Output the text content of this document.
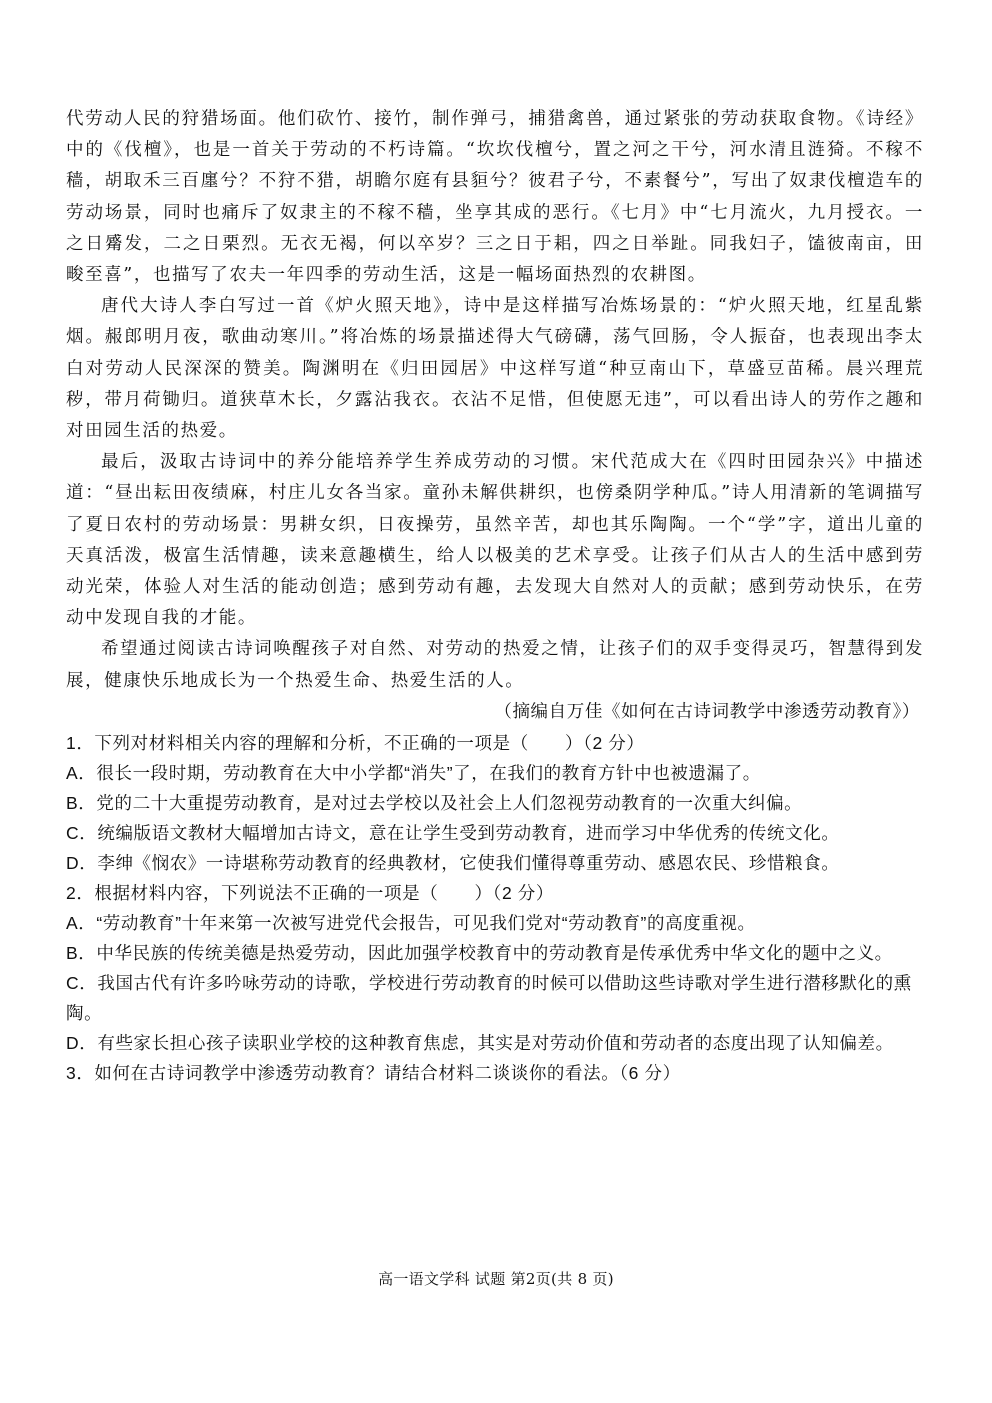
代劳动人民的狩猎场面。他们砍竹、接竹，制作弹弓，捕猎禽兽，通过紧张的劳动获取食物。《诗经》中的《伐檀》，也是一首关于劳动的不朽诗篇。“坎坎伐檀兮，置之河之干兮，河水清且涟猗。不稼不穑，胡取禾三百廛兮？不狩不猎，胡瞻尔庭有县貆兮？彼君子兮，不素餐兮”，写出了奴隶伐檀造车的劳动场景，同时也痛斥了奴隶主的不稼不穑，坐享其成的恶行。《七月》中“七月流火，九月授衣。一之日觱发，二之日栗烈。无衣无褐，何以卒岁？三之日于耜，四之日举趾。同我妇子，馌彼南亩，田畯至喜”，也描写了农夫一年四季的劳动生活，这是一幅场面热烈的农耕图。

唐代大诗人李白写过一首《炉火照天地》，诗中是这样描写冶炼场景的：“炉火照天地，红星乱紫烟。赧郎明月夜，歌曲动寒川。”将冶炼的场景描述得大气磅礴，荡气回肠，令人振奋，也表现出李太白对劳动人民深深的赞美。陶渊明在《归田园居》中这样写道“种豆南山下，草盛豆苗稀。晨兴理荒秽，带月荷锄归。道狭草木长，夕露沾我衣。衣沾不足惜，但使愿无违”，可以看出诗人的劳作之趣和对田园生活的热爱。

最后，汲取古诗词中的养分能培养学生养成劳动的习惯。宋代范成大在《四时田园杂兴》中描述道：“昼出耘田夜绩麻，村庄儿女各当家。童孙未解供耕织，也傍桑阴学种瓜。”诗人用清新的笔调描写了夏日农村的劳动场景：男耕女织，日夜操劳，虽然辛苦，却也其乐陶陶。一个“学”字，道出儿童的天真活泼，极富生活情趣，读来意趣横生，给人以极美的艺术享受。让孩子们从古人的生活中感到劳动光荣，体验人对生活的能动创造；感到劳动有趣，去发现大自然对人的贡献；感到劳动快乐，在劳动中发现自我的才能。

希望通过阅读古诗词唤醒孩子对自然、对劳动的热爱之情，让孩子们的双手变得灵巧，智慧得到发展，健康快乐地成长为一个热爱生命、热爱生活的人。

（摘编自万佳《如何在古诗词教学中渗透劳动教育》）

1．下列对材料相关内容的理解和分析，不正确的一项是（　　）（2 分）

A．很长一段时期，劳动教育在大中小学都“消失”了，在我们的教育方针中也被遗漏了。

B．党的二十大重提劳动教育，是对过去学校以及社会上人们忽视劳动教育的一次重大纠偏。

C．统编版语文教材大幅增加古诗文，意在让学生受到劳动教育，进而学习中华优秀的传统文化。

D．李绅《悯农》一诗堪称劳动教育的经典教材，它使我们懂得尊重劳动、感恩农民、珍惜粮食。

2．根据材料内容，下列说法不正确的一项是（　　）（2 分）

A．“劳动教育”十年来第一次被写进党代会报告，可见我们党对“劳动教育”的高度重视。

B．中华民族的传统美德是热爱劳动，因此加强学校教育中的劳动教育是传承优秀中华文化的题中之义。

C．我国古代有许多吟咏劳动的诗歌，学校进行劳动教育的时候可以借助这些诗歌对学生进行潜移默化的熏陶。

D．有些家长担心孩子读职业学校的这种教育焦虑，其实是对劳动价值和劳动者的态度出现了认知偏差。

3．如何在古诗词教学中渗透劳动教育？请结合材料二谈谈你的看法。（6 分）

高一语文学科 试题 第2页(共 8 页)
